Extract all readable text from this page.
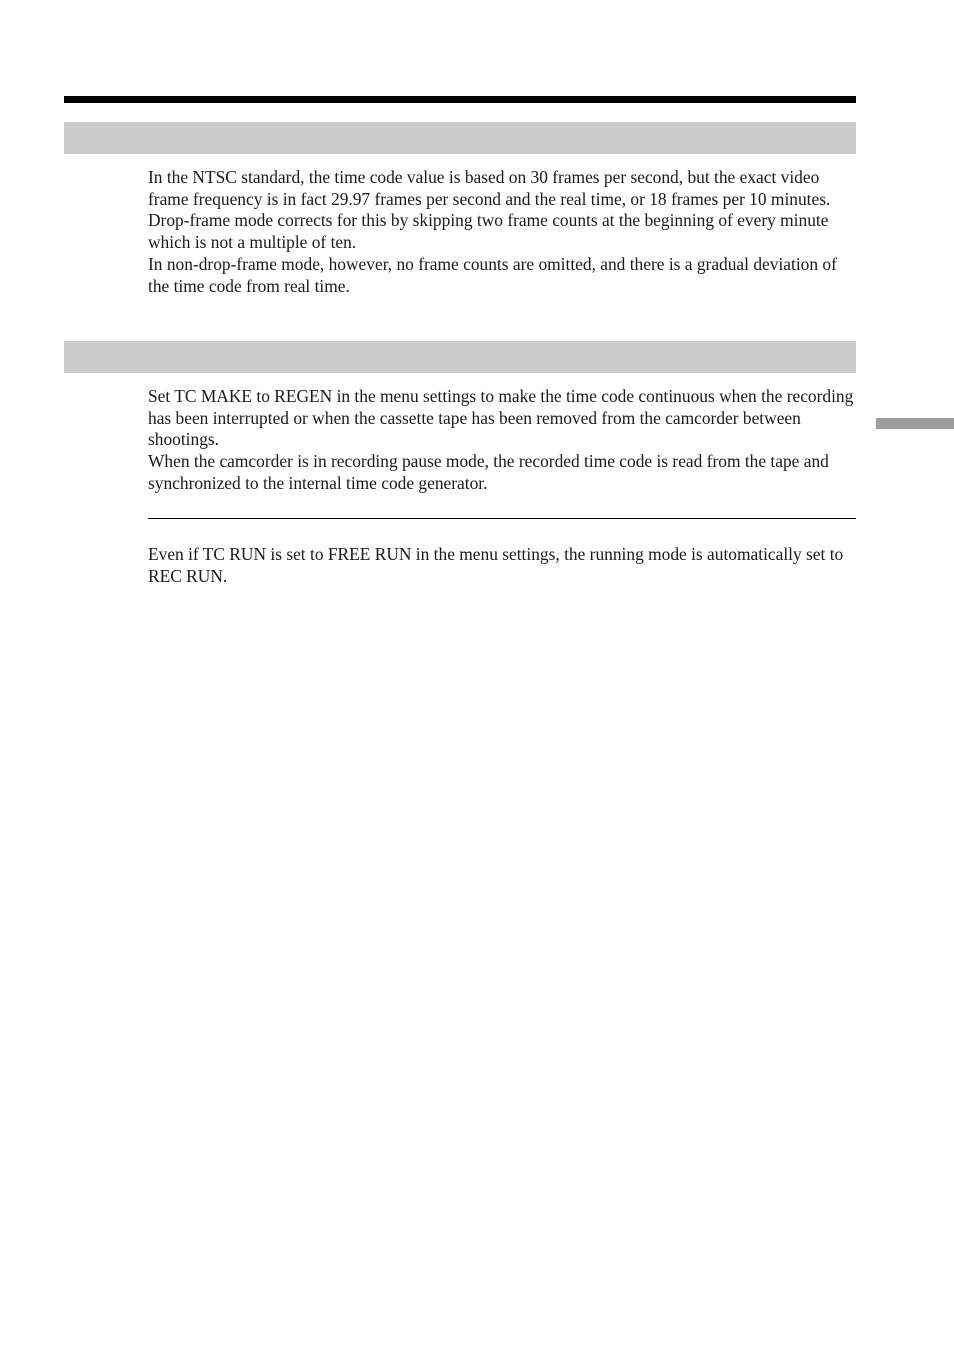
In the NTSC standard, the time code value is based on 30 frames per second, but the exact video frame frequency is in fact 29.97 frames per second and the real time, or 18 frames per 10 minutes.

Drop-frame mode corrects for this by skipping two frame counts at the beginning of every minute which is not a multiple of ten.

In non-drop-frame mode, however, no frame counts are omitted, and there is a gradual deviation of the time code from real time.

Set TC MAKE to REGEN in the menu settings to make the time code continuous when the recording has been interrupted or when the cassette tape has been removed from the camcorder between shootings.

When the camcorder is in recording pause mode, the recorded time code is read from the tape and synchronized to the internal time code generator.

Even if TC RUN is set to FREE RUN in the menu settings, the running mode is automatically set to REC RUN.
